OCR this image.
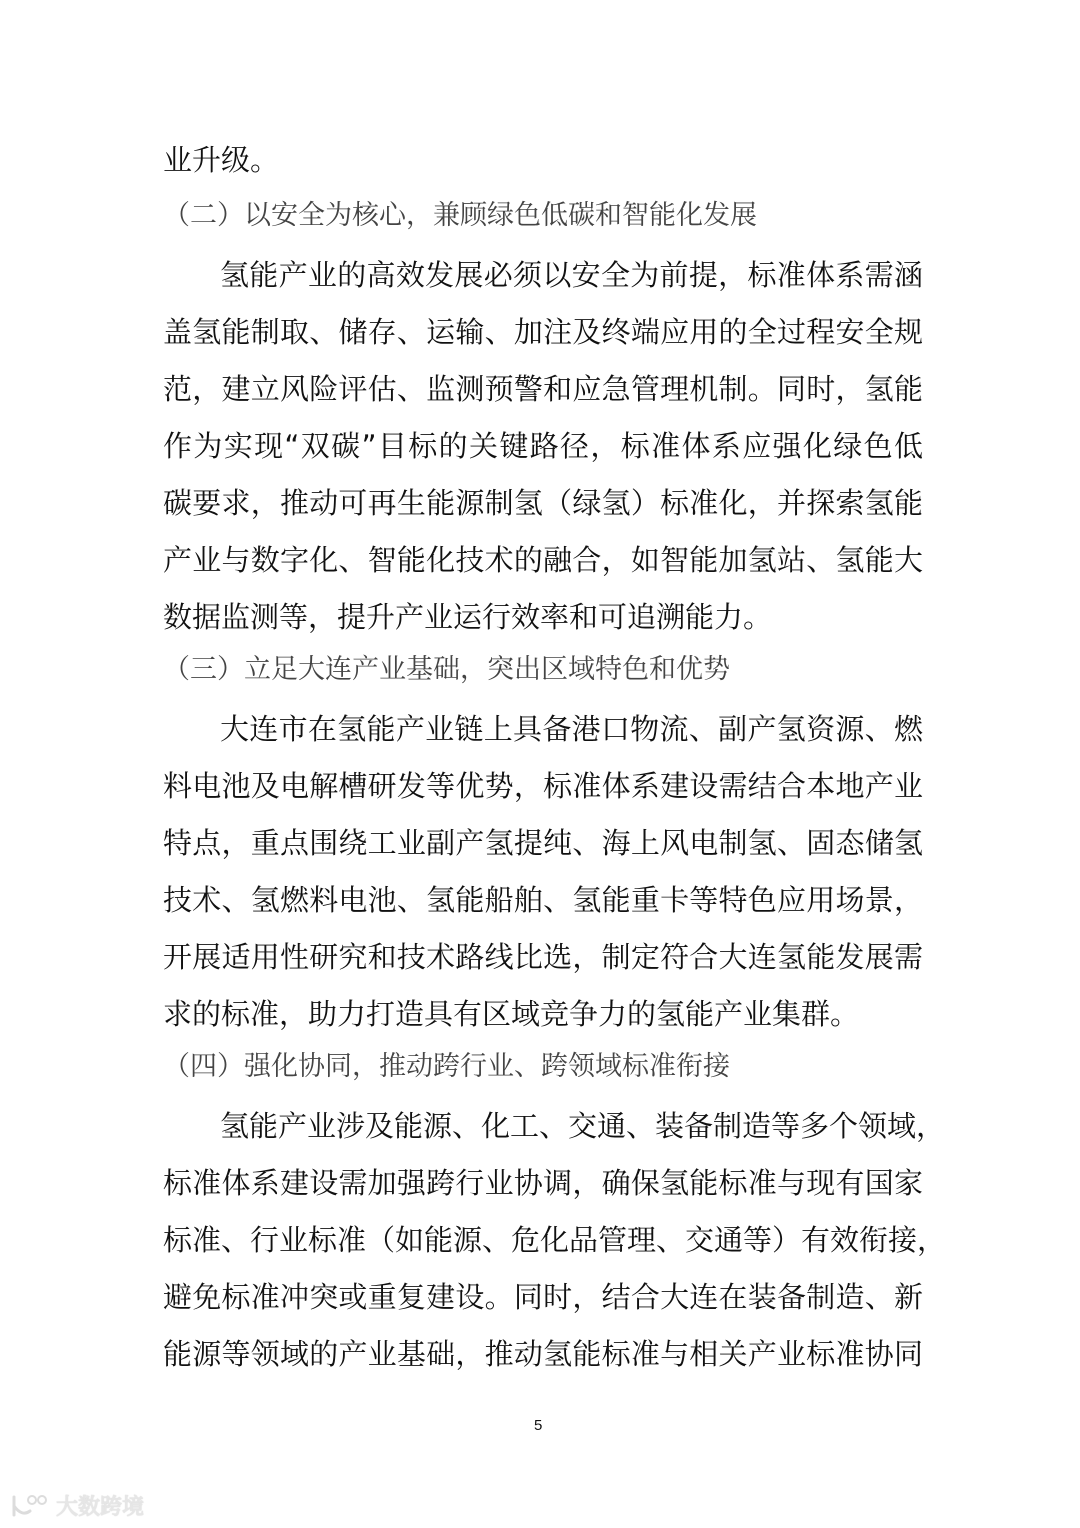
业升级。
（二）以安全为核心，兼顾绿色低碳和智能化发展
氢能产业的高效发展必须以安全为前提，标准体系需涵
盖氢能制取、储存、运输、加注及终端应用的全过程安全规
范，建立风险评估、监测预警和应急管理机制。同时，氢能
作为实现“双碳”目标的关键路径，标准体系应强化绿色低
碳要求，推动可再生能源制氢（绿氢）标准化，并探索氢能
产业与数字化、智能化技术的融合，如智能加氢站、氢能大
数据监测等，提升产业运行效率和可追溯能力。
（三）立足大连产业基础，突出区域特色和优势
大连市在氢能产业链上具备港口物流、副产氢资源、燃
料电池及电解槽研发等优势，标准体系建设需结合本地产业
特点，重点围绕工业副产氢提纯、海上风电制氢、固态储氢
技术、氢燃料电池、氢能船舶、氢能重卡等特色应用场景，
开展适用性研究和技术路线比选，制定符合大连氢能发展需
求的标准，助力打造具有区域竞争力的氢能产业集群。
（四）强化协同，推动跨行业、跨领域标准衔接
氢能产业涉及能源、化工、交通、装备制造等多个领域，
标准体系建设需加强跨行业协调，确保氢能标准与现有国家
标准、行业标准（如能源、危化品管理、交通等）有效衔接，
避免标准冲突或重复建设。同时，结合大连在装备制造、新
能源等领域的产业基础，推动氢能标准与相关产业标准协同
5
大数跨境
